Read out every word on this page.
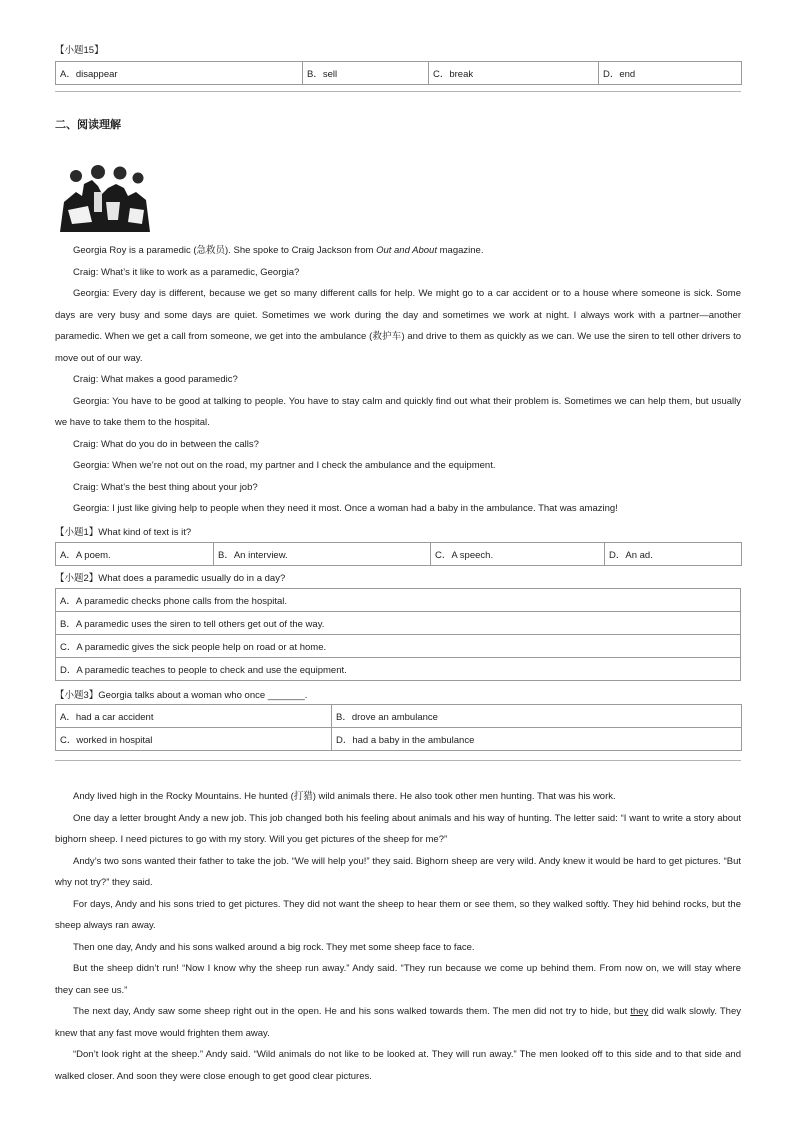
【小题15】
A．disappear	B．sell	C．break	D．end
二、阅读理解
Georgia Roy is a paramedic (急救员). She spoke to Craig Jackson from Out and About magazine.
Craig: What’s it like to work as a paramedic, Georgia?
Georgia: Every day is different, because we get so many different calls for help. We might go to a car accident or to a house where someone is sick. Some days are very busy and some days are quiet. Sometimes we work during the day and sometimes we work at night. I always work with a partner—another paramedic. When we get a call from someone, we get into the ambulance (救护车) and drive to them as quickly as we can. We use the siren to tell other drivers to move out of our way.
Craig: What makes a good paramedic?
Georgia: You have to be good at talking to people. You have to stay calm and quickly find out what their problem is. Sometimes we can help them, but usually we have to take them to the hospital.
Craig: What do you do in between the calls?
Georgia: When we’re not out on the road, my partner and I check the ambulance and the equipment.
Craig: What’s the best thing about your job?
Georgia: I just like giving help to people when they need it most. Once a woman had a baby in the ambulance. That was amazing!
【小题1】What kind of text is it?
A．A poem.	B．An interview.	C．A speech.	D．An ad.
【小题2】What does a paramedic usually do in a day?
A．A paramedic checks phone calls from the hospital.
B．A paramedic uses the siren to tell others get out of the way.
C．A paramedic gives the sick people help on road or at home.
D．A paramedic teaches to people to check and use the equipment.
【小题3】Georgia talks about a woman who once _______.
A．had a car accident	B．drove an ambulance
C．worked in hospital	D．had a baby in the ambulance
Andy lived high in the Rocky Mountains. He hunted (打猎) wild animals there. He also took other men hunting. That was his work.
One day a letter brought Andy a new job. This job changed both his feeling about animals and his way of hunting. The letter said: “I want to write a story about bighorn sheep. I need pictures to go with my story. Will you get pictures of the sheep for me?”
Andy’s two sons wanted their father to take the job. “We will help you!” they said. Bighorn sheep are very wild. Andy knew it would be hard to get pictures. “But why not try?” they said.
For days, Andy and his sons tried to get pictures. They did not want the sheep to hear them or see them, so they walked softly. They hid behind rocks, but the sheep always ran away.
Then one day, Andy and his sons walked around a big rock. They met some sheep face to face.
But the sheep didn’t run! “Now I know why the sheep run away.” Andy said. “They run because we come up behind them. From now on, we will stay where they can see us.”
The next day, Andy saw some sheep right out in the open. He and his sons walked towards them. The men did not try to hide, but they did walk slowly. They knew that any fast move would frighten them away.
“Don’t look right at the sheep.” Andy said. “Wild animals do not like to be looked at. They will run away.” The men looked off to this side and to that side and walked closer. And soon they were close enough to get good clear pictures.
